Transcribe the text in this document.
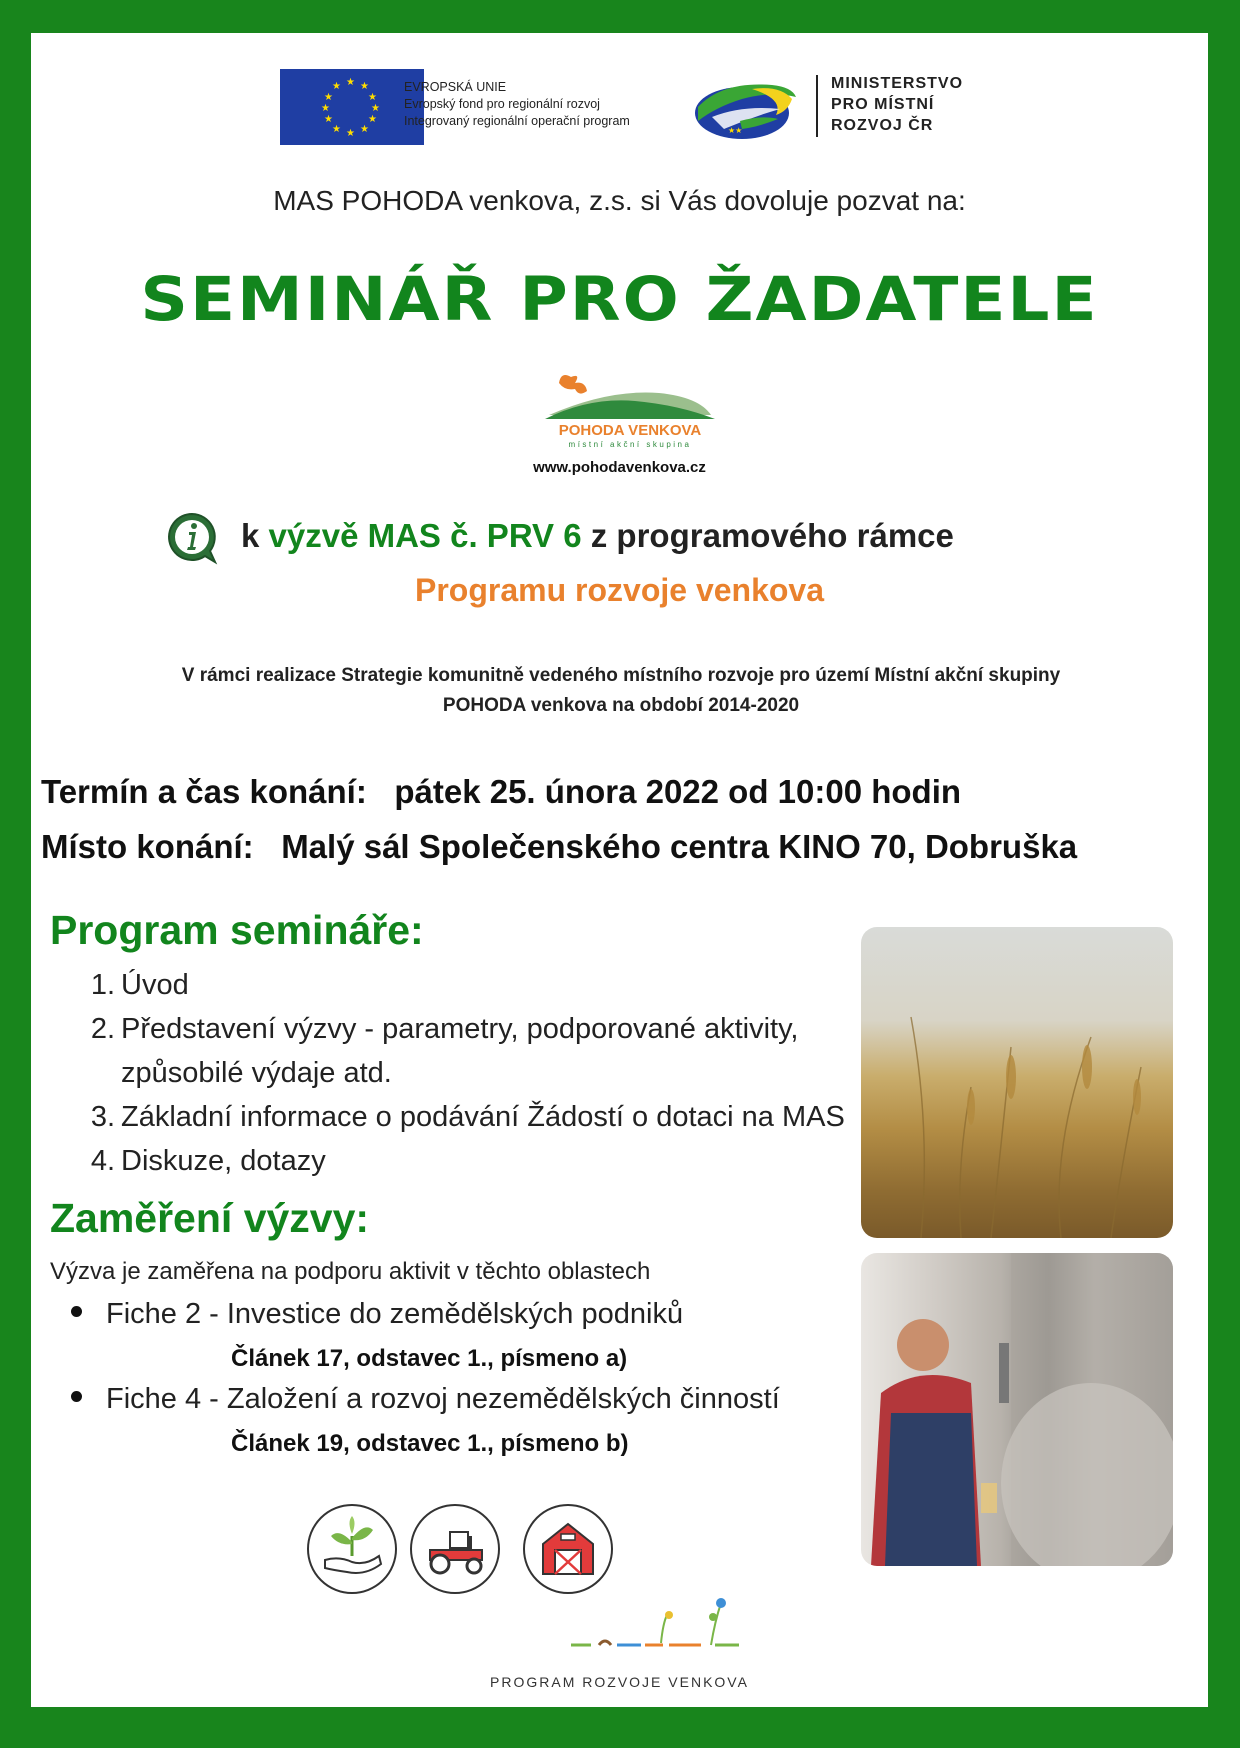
★ ★
★
★
★
★
★
★
★
★
★
★	EVROPSKÁ UNIE
Evropský fond pro regionální rozvoj
Integrovaný regionální operační program
★★
MINISTERSTVO
PRO MÍSTNÍ
ROZVOJ ČR
MAS POHODA venkova, z.s. si Vás dovoluje pozvat na:
SEMINÁŘ PRO ŽADATELE
POHODA VENKOVA
místní akční skupina
www.pohodavenkova.cz
k výzvě MAS č. PRV 6 z programového rámce
Programu rozvoje venkova
V rámci realizace Strategie komunitně vedeného místního rozvoje pro území Místní akční skupiny
POHODA venkova na období 2014-2020
Termín a čas konání: pátek 25. února 2022 od 10:00 hodin
Místo konání: Malý sál Společenského centra KINO 70, Dobruška
Program semináře:
1. Úvod
2. Představení výzvy - parametry, podporované aktivity, způsobilé výdaje atd.
3. Základní informace o podávání Žádostí o dotaci na MAS
4. Diskuze, dotazy
Zaměření výzvy:
Výzva je zaměřena na podporu aktivit v těchto oblastech
Fiche 2 - Investice do zemědělských podniků
Článek 17, odstavec 1., písmeno a)
Fiche 4 - Založení a rozvoj nezemědělských činností
Článek 19, odstavec 1., písmeno b)
PROGRAM ROZVOJE VENKOVA
